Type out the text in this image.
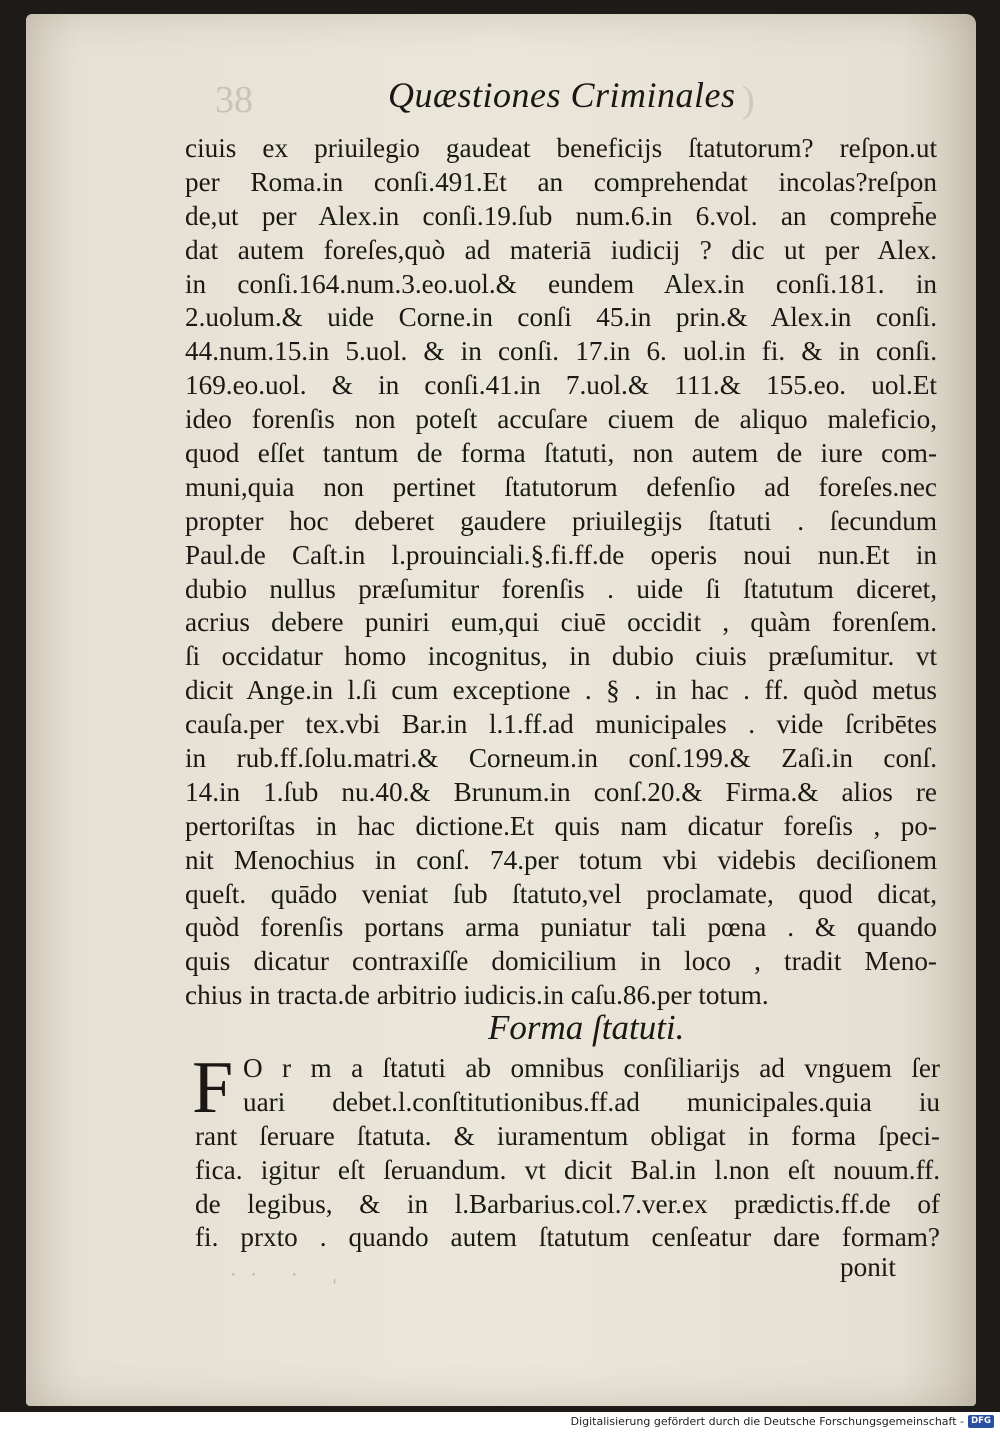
38	)
Quæstiones Criminales
ciuis ex priuilegio gaudeat beneficijs ſtatutorum? reſpon.ut
per Roma.in conſi.491.Et an comprehendat incolas?reſpon
de,ut per Alex.in conſi.19.ſub num.6.in 6.vol. an compreh̄e
dat autem foreſes,quò ad materiā iudicij ? dic ut per Alex.
in conſi.164.num.3.eo.uol.& eundem Alex.in conſi.181. in
2.uolum.& uide Corne.in conſi 45.in prin.& Alex.in conſi.
44.num.15.in 5.uol. & in conſi. 17.in 6. uol.in fi. & in conſi.
169.eo.uol. & in conſi.41.in 7.uol.& 111.& 155.eo. uol.Et
ideo forenſis non poteſt accuſare ciuem de aliquo maleficio,
quod eſſet tantum de forma ſtatuti, non autem de iure com-
muni,quia non pertinet ſtatutorum defenſio ad foreſes.nec
propter hoc deberet gaudere priuilegijs ſtatuti . ſecundum
Paul.de Caſt.in l.prouinciali.§.fi.ff.de operis noui nun.Et in
dubio nullus præſumitur forenſis . uide ſi ſtatutum diceret,
acrius debere puniri eum,qui ciuē occidit , quàm forenſem.
ſi occidatur homo incognitus, in dubio ciuis præſumitur. vt
dicit Ange.in l.ſi cum exceptione . § . in hac . ff. quòd metus
cauſa.per tex.vbi Bar.in l.1.ff.ad municipales . vide ſcribētes
in rub.ff.ſolu.matri.& Corneum.in conſ.199.& Zaſi.in conſ.
14.in 1.ſub nu.40.& Brunum.in conſ.20.& Firma.& alios re
pertoriſtas in hac dictione.Et quis nam dicatur foreſis , po-
nit Menochius in conſ. 74.per totum vbi videbis deciſionem
queſt. quādo veniat ſub ſtatuto,vel proclamate, quod dicat,
quòd forenſis portans arma puniatur tali pœna . & quando
quis dicatur contraxiſſe domicilium in loco , tradit Meno-
chius in tracta.de arbitrio iudicis.in caſu.86.per totum.
Forma ſtatuti.
F O r m a ſtatuti ab omnibus conſiliarijs ad vnguem ſer
uari debet.l.conſtitutionibus.ff.ad municipales.quia iu
rant ſeruare ſtatuta. & iuramentum obligat in forma ſpeci-
fica. igitur eſt ſeruandum. vt dicit Bal.in l.non eſt nouum.ff.
de legibus, & in l.Barbarius.col.7.ver.ex prædictis.ff.de of
fi. prxto . quando autem ſtatutum cenſeatur dare formam?
ponit
·· · ˌ
Digitalisierung gefördert durch die Deutsche Forschungsgemeinschaft - DFG
